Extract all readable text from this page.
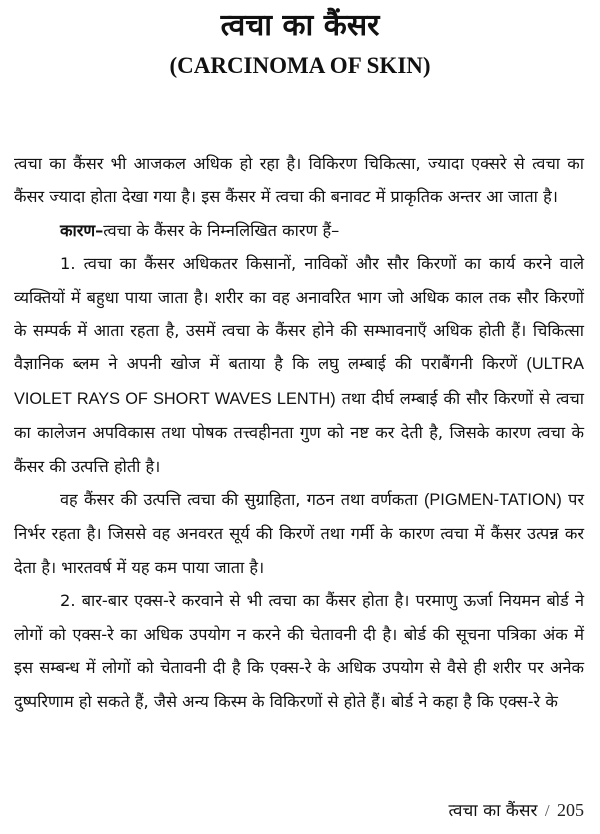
त्वचा का कैंसर
(CARCINOMA OF SKIN)

त्वचा का कैंसर भी आजकल अधिक हो रहा है। विकिरण चिकित्सा, ज्यादा एक्सरे से त्वचा का कैंसर ज्यादा होता देखा गया है। इस कैंसर में त्वचा की बनावट में प्राकृतिक अन्तर आ जाता है।

कारण–त्वचा के कैंसर के निम्नलिखित कारण हैं–

1. त्वचा का कैंसर अधिकतर किसानों, नाविकों और सौर किरणों का कार्य करने वाले व्यक्तियों में बहुधा पाया जाता है। शरीर का वह अनावरित भाग जो अधिक काल तक सौर किरणों के सम्पर्क में आता रहता है, उसमें त्वचा के कैंसर होने की सम्भावनाएँ अधिक होती हैं। चिकित्सा वैज्ञानिक ब्लम ने अपनी खोज में बताया है कि लघु लम्बाई की पराबैंगनी किरणें (ULTRA VIOLET RAYS OF SHORT WAVES LENTH) तथा दीर्घ लम्बाई की सौर किरणों से त्वचा का कालेजन अपविकास तथा पोषक तत्त्वहीनता गुण को नष्ट कर देती है, जिसके कारण त्वचा के कैंसर की उत्पत्ति होती है।

वह कैंसर की उत्पत्ति त्वचा की सुग्राहिता, गठन तथा वर्णकता (PIGMEN-TATION) पर निर्भर रहता है। जिससे वह अनवरत सूर्य की किरणें तथा गर्मी के कारण त्वचा में कैंसर उत्पन्न कर देता है। भारतवर्ष में यह कम पाया जाता है।

2. बार-बार एक्स-रे करवाने से भी त्वचा का कैंसर होता है। परमाणु ऊर्जा नियमन बोर्ड ने लोगों को एक्स-रे का अधिक उपयोग न करने की चेतावनी दी है। बोर्ड की सूचना पत्रिका अंक में इस सम्बन्ध में लोगों को चेतावनी दी है कि एक्स-रे के अधिक उपयोग से वैसे ही शरीर पर अनेक दुष्परिणाम हो सकते हैं, जैसे अन्य किस्म के विकिरणों से होते हैं। बोर्ड ने कहा है कि एक्स-रे के

त्वचा का कैंसर / 205
